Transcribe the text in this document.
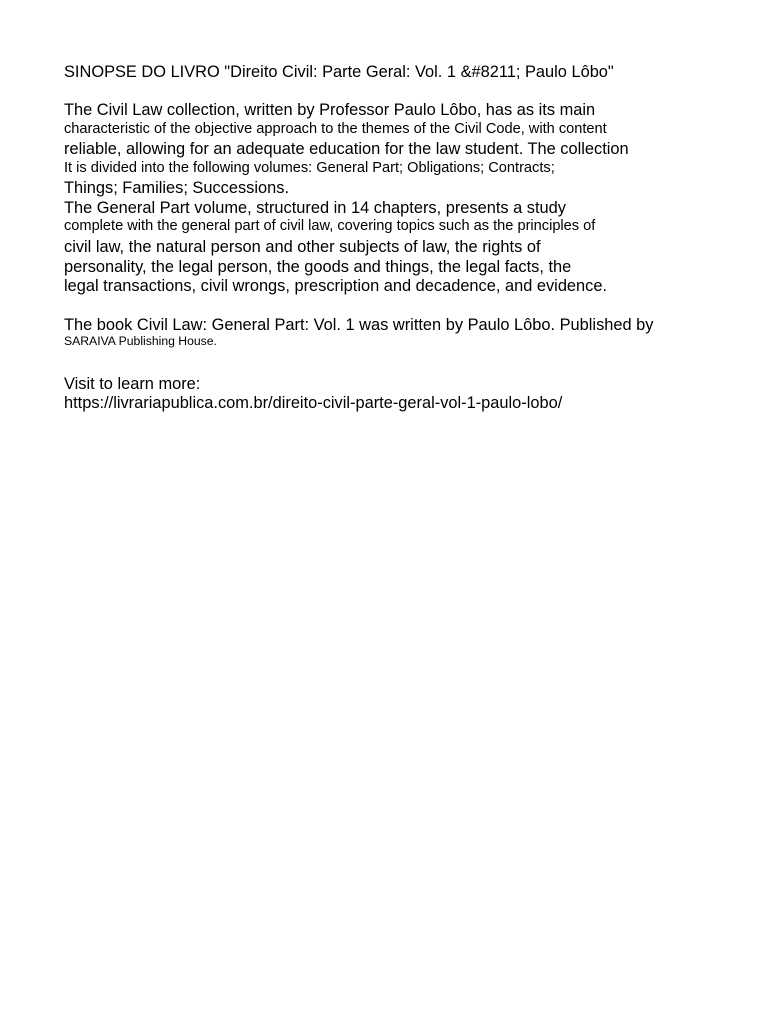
SINOPSE DO LIVRO "Direito Civil: Parte Geral: Vol. 1 &#8211; Paulo Lôbo"
The Civil Law collection, written by Professor Paulo Lôbo, has as its main
characteristic of the objective approach to the themes of the Civil Code, with content
reliable, allowing for an adequate education for the law student. The collection
It is divided into the following volumes: General Part; Obligations; Contracts;
Things; Families; Successions.
The General Part volume, structured in 14 chapters, presents a study
complete with the general part of civil law, covering topics such as the principles of
civil law, the natural person and other subjects of law, the rights of
personality, the legal person, the goods and things, the legal facts, the
legal transactions, civil wrongs, prescription and decadence, and evidence.
The book Civil Law: General Part: Vol. 1 was written by Paulo Lôbo. Published by
SARAIVA Publishing House.
Visit to learn more:
https://livrariapublica.com.br/direito-civil-parte-geral-vol-1-paulo-lobo/
